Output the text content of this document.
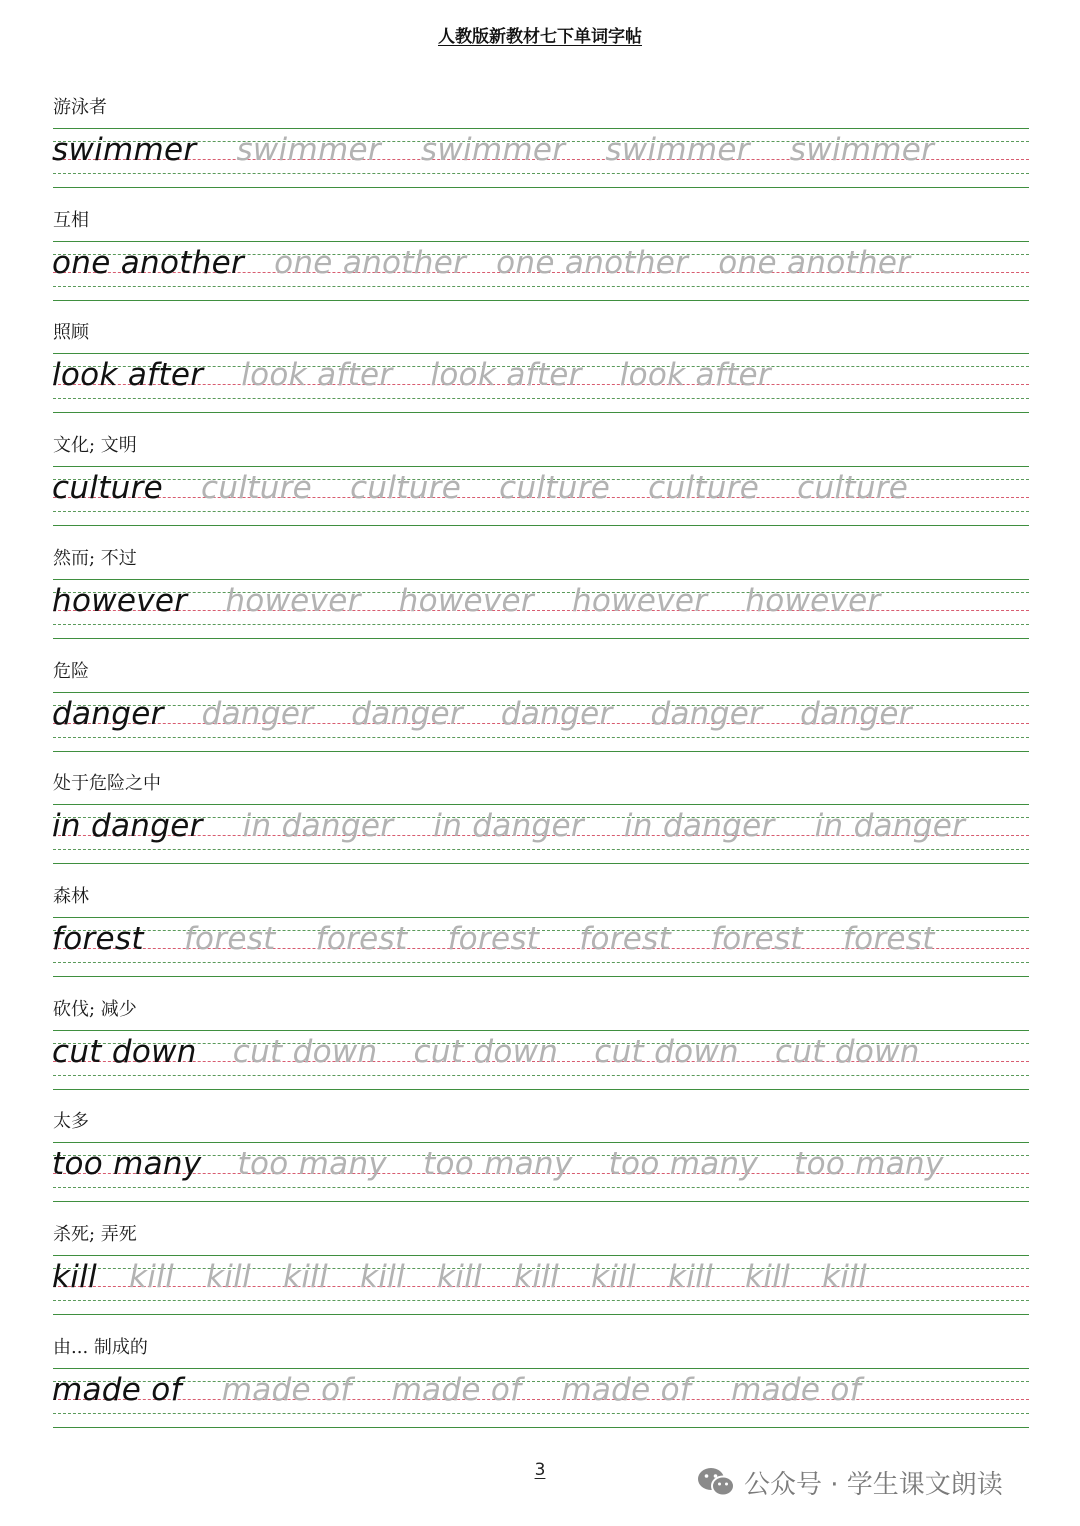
人教版新教材七下单词字帖
游泳者
swimmer swimmer swimmer swimmer swimmer
互相
one another one another one another one another
照顾
look after look after look after look after
文化; 文明
culture culture culture culture culture culture
然而; 不过
however however however however however
危险
danger danger danger danger danger danger
处于危险之中
in danger in danger in danger in danger in danger
森林
forest forest forest forest forest forest forest
砍伐; 减少
cut down cut down cut down cut down cut down
太多
too many too many too many too many too many
杀死; 弄死
kill kill kill kill kill kill kill kill kill kill kill
由... 制成的
made of made of made of made of made of
3	公众号 · 学生课文朗读
